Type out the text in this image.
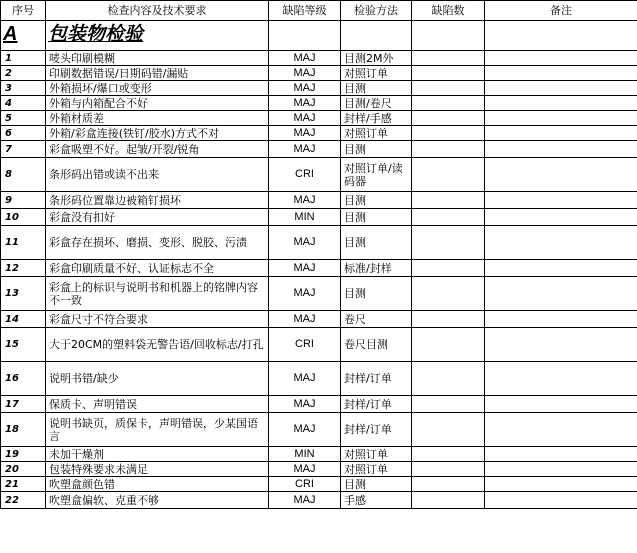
序号	检查内容及技术要求	缺陷等级	检验方法	缺陷数	备注
A	包装物检验				
1	唛头印刷模糊	MAJ	目测2M外		
2	印刷数据错误/日期码错/漏贴	MAJ	对照订单		
3	外箱损坏/爆口或变形	MAJ	目测		
4	外箱与内箱配合不好	MAJ	目测/卷尺		
5	外箱材质差	MAJ	封样/手感		
6	外箱/彩盒连接(铁钉/胶水)方式不对	MAJ	对照订单		
7	彩盒吸塑不好。起皱/开裂/锐角	MAJ	目测		
8	条形码出错或读不出来	CRI	对照订单/读码器		
9	条形码位置靠边被箱钉损坏	MAJ	目测		
10	彩盒没有扣好	MIN	目测		
11	彩盒存在损坏、磨损、变形、脱胶、污渍	MAJ	目测		
12	彩盒印刷质量不好、认证标志不全	MAJ	标准/封样		
13	彩盒上的标识与说明书和机器上的铭牌内容不一致	MAJ	目测		
14	彩盒尺寸不符合要求	MAJ	卷尺		
15	大于20CM的塑料袋无警告语/回收标志/打孔	CRI	卷尺目测		
16	说明书错/缺少	MAJ	封样/订单		
17	保质卡、声明错误	MAJ	封样/订单		
18	说明书缺页，质保卡，声明错误，少某国语言	MAJ	封样/订单		
19	未加干燥剂	MIN	对照订单		
20	包装特殊要求未满足	MAJ	对照订单		
21	吹塑盒颜色错	CRI	目测		
22	吹塑盒偏软、克重不够	MAJ	手感		
